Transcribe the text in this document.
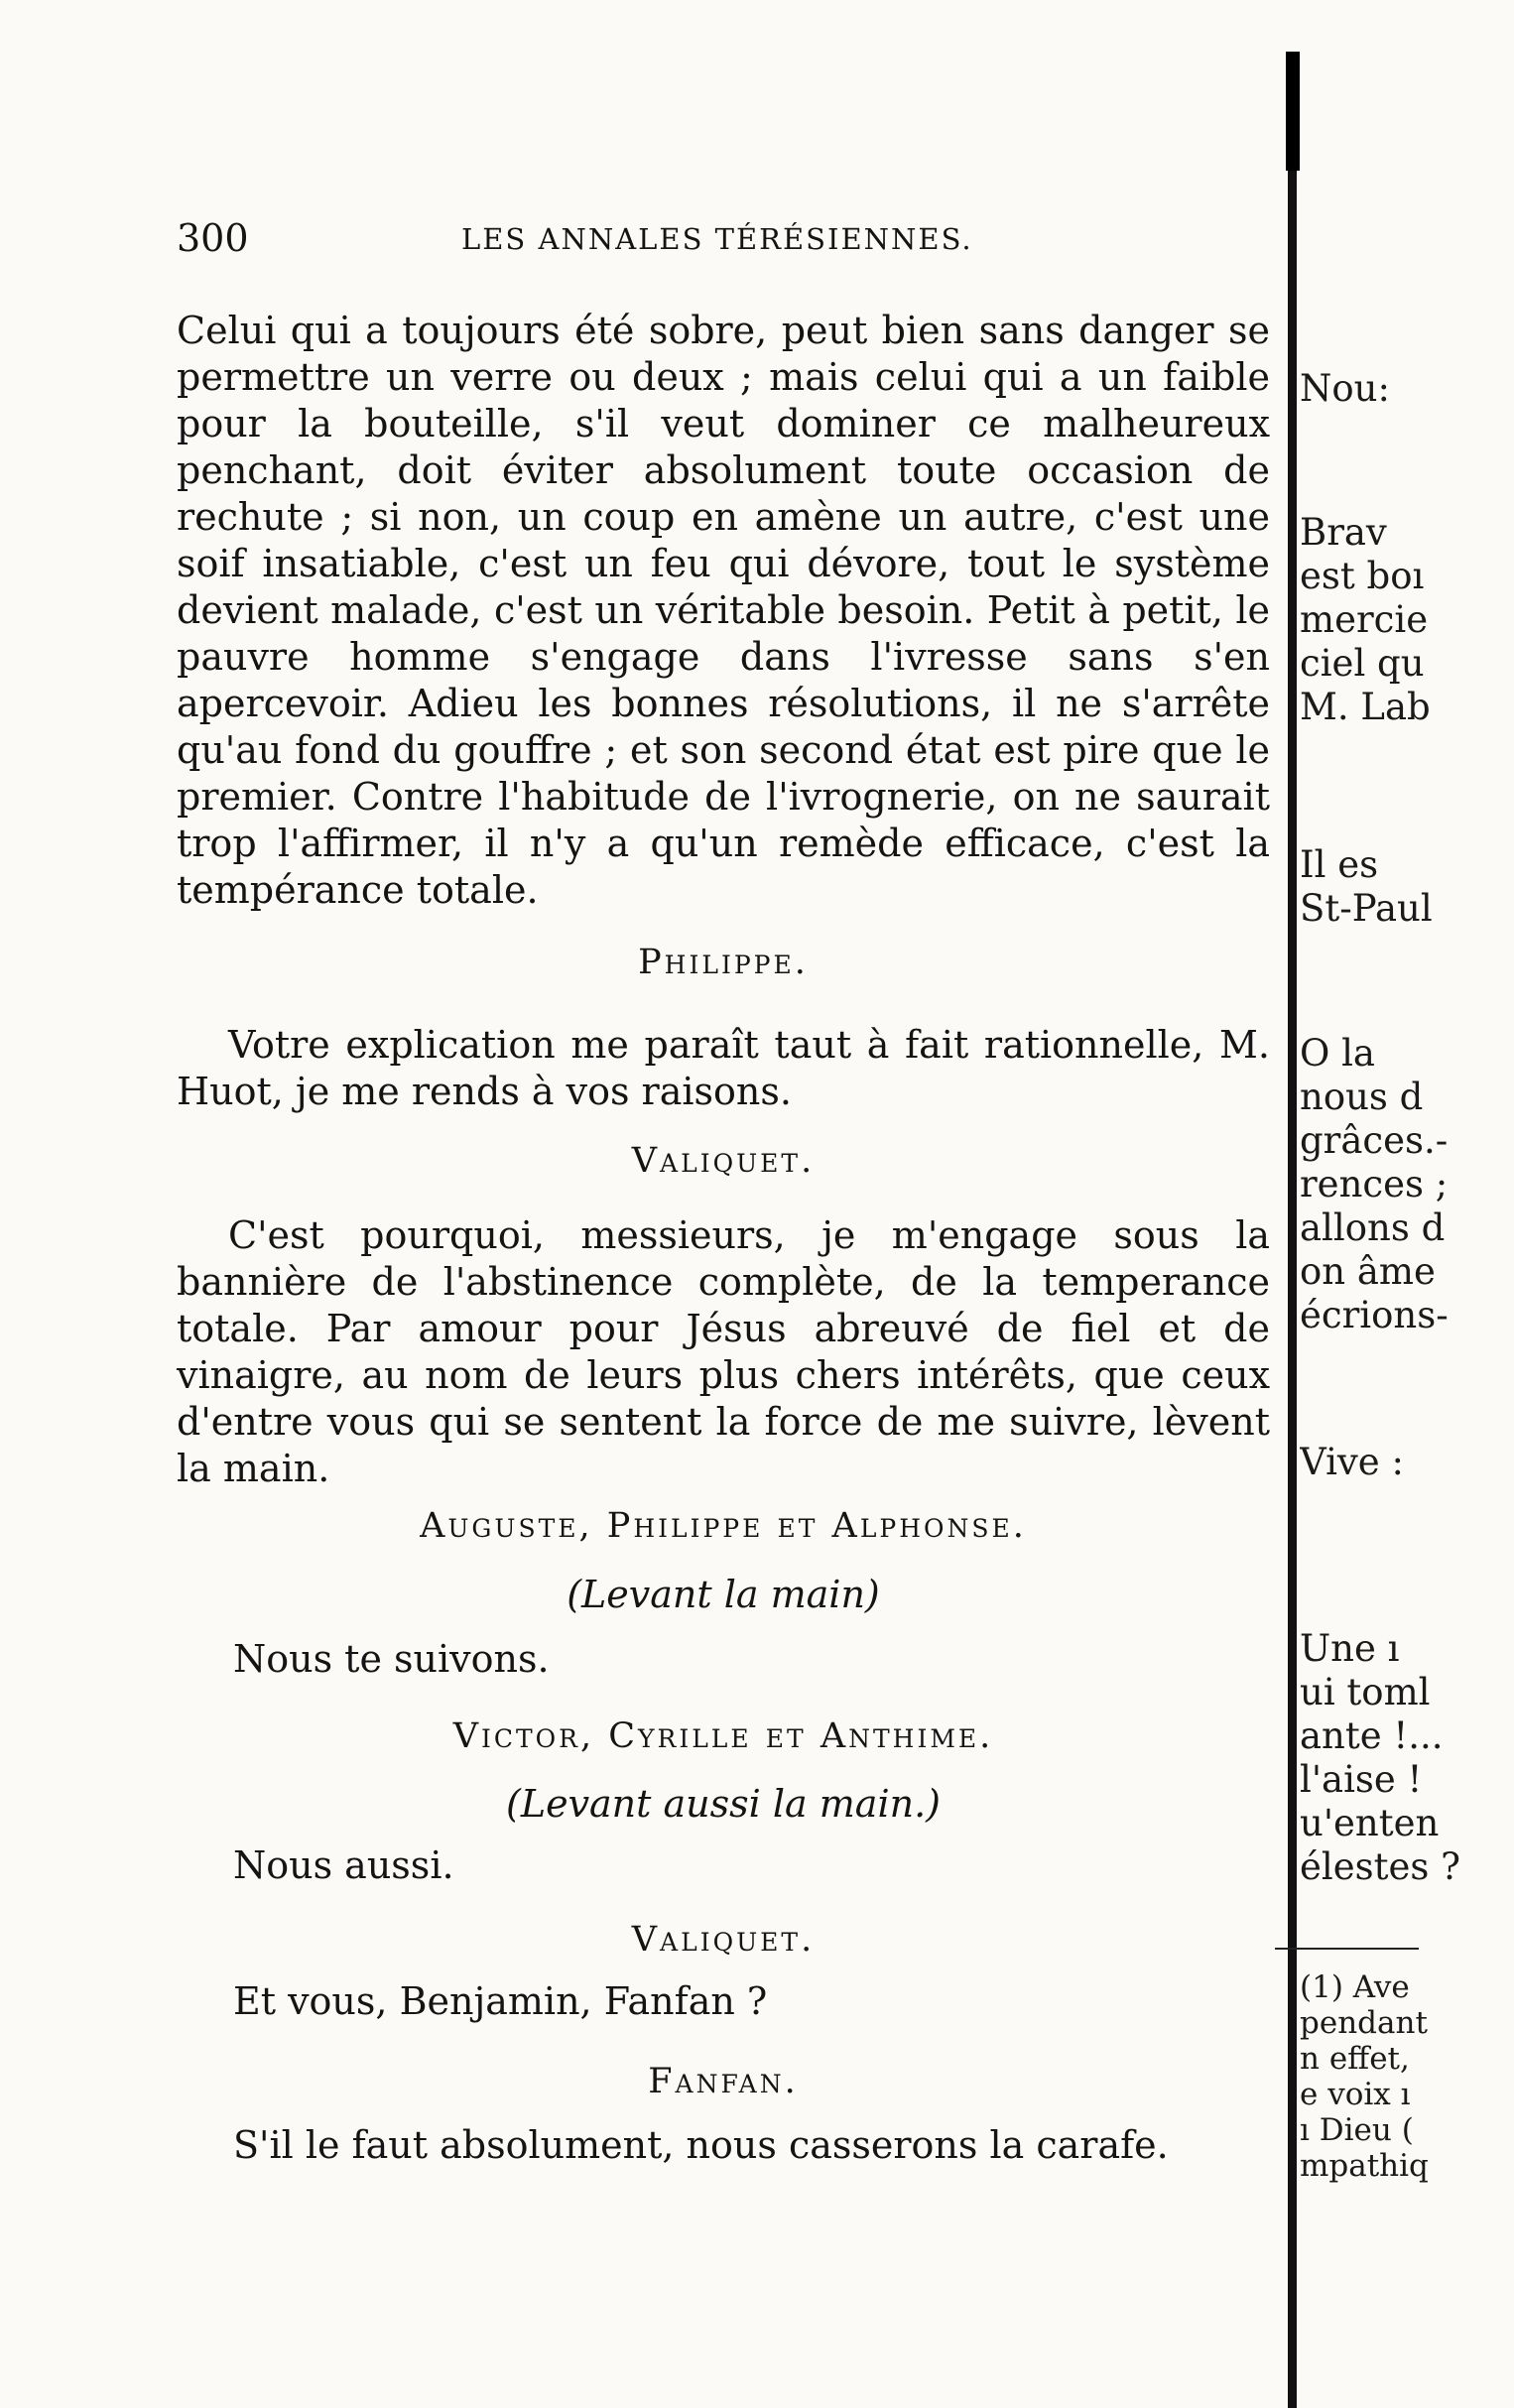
300	LES ANNALES TÉRÉSIENNES.

Celui qui a toujours été sobre, peut bien sans danger se permettre un verre ou deux ; mais celui qui a un faible pour la bouteille, s'il veut dominer ce malheureux penchant, doit éviter absolument toute occasion de rechute ; si non, un coup en amène un autre, c'est une soif insatiable, c'est un feu qui dévore, tout le système devient malade, c'est un véritable besoin. Petit à petit, le pauvre homme s'engage dans l'ivresse sans s'en apercevoir. Adieu les bonnes résolutions, il ne s'arrête qu'au fond du gouffre ; et son second état est pire que le premier. Contre l'habitude de l'ivrognerie, on ne saurait trop l'affirmer, il n'y a qu'un remède efficace, c'est la tempérance totale.

Philippe.

Votre explication me paraît taut à fait rationnelle, M. Huot, je me rends à vos raisons.

Valiquet.

C'est pourquoi, messieurs, je m'engage sous la bannière de l'abstinence complète, de la temperance totale. Par amour pour Jésus abreuvé de fiel et de vinaigre, au nom de leurs plus chers intérêts, que ceux d'entre vous qui se sentent la force de me suivre, lèvent la main.

Auguste, Philippe et Alphonse.
(Levant la main)
Nous te suivons.
Victor, Cyrille et Anthime.
(Levant aussi la main.)
Nous aussi.
Valiquet.
Et vous, Benjamin, Fanfan ?
Fanfan.
S'il le faut absolument, nous casserons la carafe.
Nou:
Brav
est boı
mercie
ciel qu
M. Lab
Il es
St-Paul
O la
nous d
grâces.-
rences ;
allons d
on âme
écrions-
Vive :
Une ı
ui toml
ante !...
l'aise !
u'enten
élestes ?
(1) Ave
pendant
n effet,
e voix ı
ı Dieu (
mpathiq
